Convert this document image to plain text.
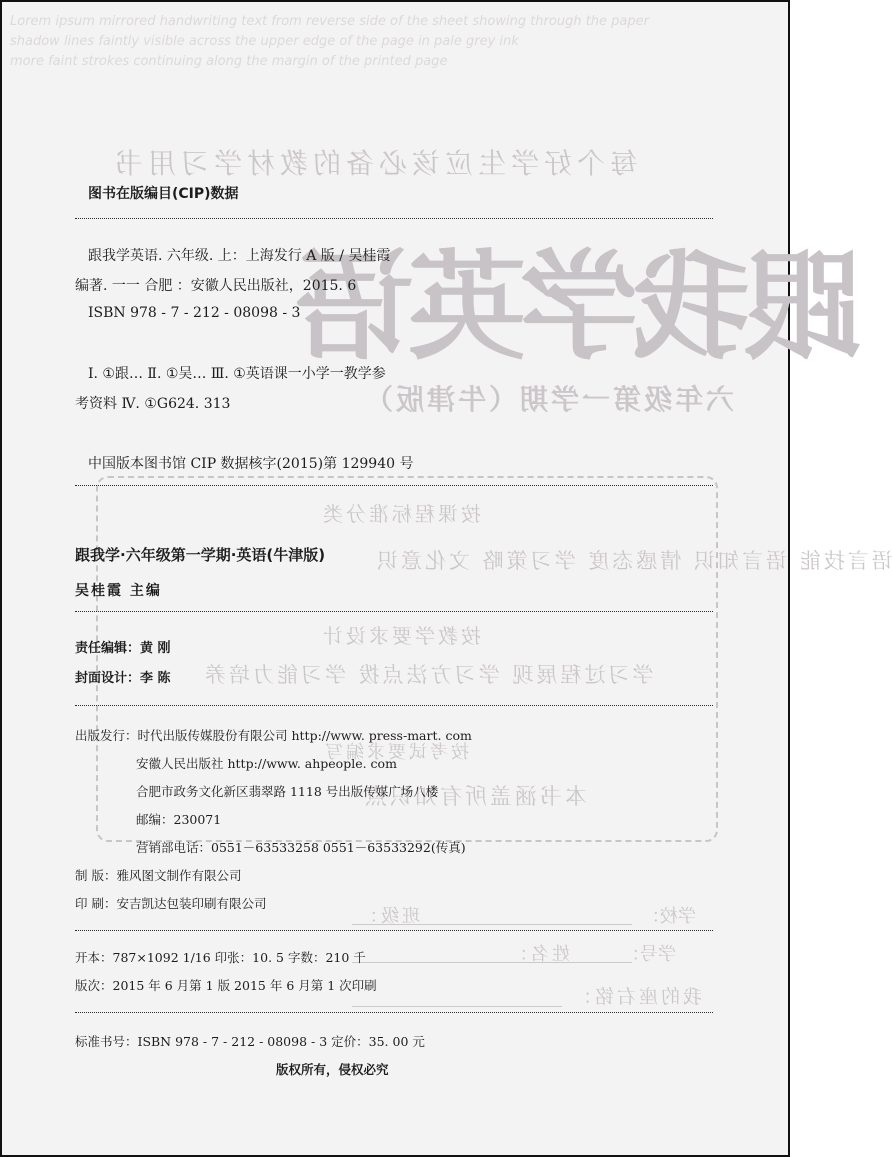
Lorem ipsum mirrored handwriting text from reverse side of the sheet showing through the paper
shadow lines faintly visible across the upper edge of the page in pale grey ink
more faint strokes continuing along the margin of the printed page
每个好学生应该必备的教材学习用书
跟我学英语
六年级第一学期（牛津版）
按课程标准分类
语言技能 语言知识 情感态度 学习策略 文化意识
按教学要求设计
学习过程展现 学习方法点拨 学习能力培养
按考试要求编写
本书涵盖所有知识点
学校：
班级：
学号：
姓名：
我的座右铭：
图书在版编目(CIP)数据
跟我学英语. 六年级. 上：上海发行 A 版 / 吴桂霞
编著. 一一 合肥 ：安徽人民出版社，2015. 6
ISBN 978 - 7 - 212 - 08098 - 3
Ⅰ. ①跟… Ⅱ. ①吴… Ⅲ. ①英语课一小学一教学参
考资料 Ⅳ. ①G624. 313
中国版本图书馆 CIP 数据核字(2015)第 129940 号
跟我学·六年级第一学期·英语(牛津版)
吴桂霞 主编
责任编辑：黄 刚
封面设计：李 陈
出版发行：时代出版传媒股份有限公司 http://www. press-mart. com
安徽人民出版社 http://www. ahpeople. com
合肥市政务文化新区翡翠路 1118 号出版传媒广场八楼
邮编：230071
营销部电话：0551－63533258 0551－63533292(传真)
制 版：雅风图文制作有限公司
印 刷：安吉凯达包装印刷有限公司
开本：787×1092 1/16 印张：10. 5 字数：210 千
版次：2015 年 6 月第 1 版 2015 年 6 月第 1 次印刷
标准书号：ISBN 978 - 7 - 212 - 08098 - 3 定价：35. 00 元
版权所有，侵权必究
